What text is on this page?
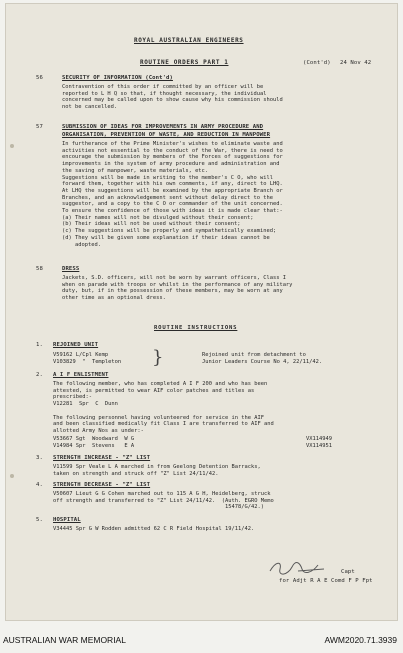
ROYAL AUSTRALIAN ENGINEERS
ROUTINE ORDERS PART 1	(Cont'd) 24 Nov 42
56	SECURITY OF INFORMATION (Cont'd)
Contravention of this order if committed by an officer will be
reported to L H Q so that, if thought necessary, the individual
concerned may be called upon to show cause why his commission should
not be cancelled.
57	SUBMISSION OF IDEAS FOR IMPROVEMENTS IN ARMY PROCEDURE AND
ORGANISATION, PREVENTION OF WASTE, AND REDUCTION IN MANPOWER
In furtherance of the Prime Minister's wishes to eliminate waste and
activities not essential to the conduct of the War, there is need to
encourage the submission by members of the Forces of suggestions for
improvements in the system of army procedure and administration and
the saving of manpower, waste materials, etc.
Suggestions will be made in writing to the member's C O, who will
forward them, together with his own comments, if any, direct to LHQ.
At LHQ the suggestions will be examined by the appropriate Branch or
Branches, and an acknowledgement sent without delay direct to the
suggestor, and a copy to the C O or commander of the unit concerned.
To ensure the confidence of those with ideas it is made clear that:-
(a) Their names will not be divulged without their consent;
(b) Their ideas will not be used without their consent;
(c) The suggestions will be properly and sympathetically examined;
(d) They will be given some explanation if their ideas cannot be
adopted.
58	DRESS
Jackets, S.D. officers, will not be worn by warrant officers, Class I
when on parade with troops or whilst in the performance of any military
duty, but, if in the possession of these members, may be worn at any
other time as an optional dress.
ROUTINE INSTRUCTIONS
1. REJOINED UNIT
V59162 L/Cpl Kemp
V103829  "  Templeton }	Rejoined unit from detachment to
Junior Leaders Course No 4, 22/11/42.
2. A I F ENLISTMENT
The following member, who has completed A I F 200 and who has been
attested, is permitted to wear AIF color patches and titles as
prescribed:-
V12281  Spr  C  Dunn

The following personnel having volunteered for service in the AIF
and been classified medically fit Class I are transferred to AIF and
allotted Army Nos as under:-
V53667 Sgt  Woodward  W G	VX114949
V14984 Spr  Stevens   E A	VX114951
3. STRENGTH INCREASE - "Z" LIST
V11599 Spr Veale L A marched in from Geelong Detention Barracks,
taken on strength and struck off "Z" List 24/11/42.
4. STRENGTH DECREASE - "Z" LIST
V50607 Lieut G G Cohen marched out to 115 A G H, Heidelberg, struck
off strength and transferred to "Z" List 24/11/42.  (Auth. EGRO Memo
15478/G/42.)
5. HOSPITAL
V34445 Spr G W Rodden admitted 62 C R Field Hospital 19/11/42.
Capt
for Adjt R A E Comd F P Fpt
AUSTRALIAN WAR MEMORIAL	AWM2020.71.3939
